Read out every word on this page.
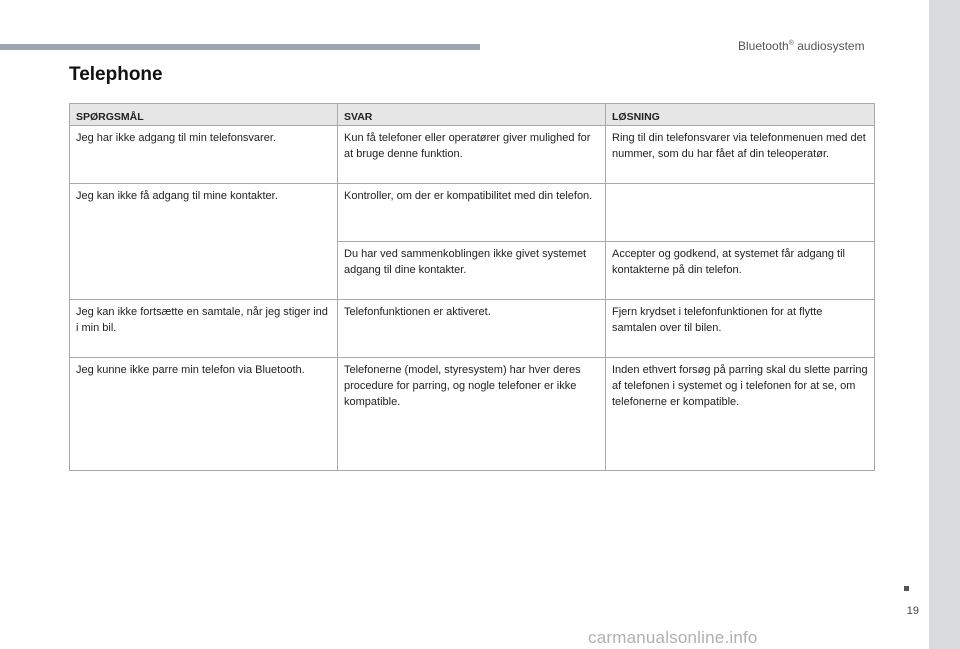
Bluetooth® audiosystem
Telephone
SPØRGSMÅL	SVAR	LØSNING
Jeg har ikke adgang til min telefonsvarer.	Kun få telefoner eller operatører giver mulighed for at bruge denne funktion.	Ring til din telefonsvarer via telefonmenuen med det nummer, som du har fået af din teleoperatør.
Jeg kan ikke få adgang til mine kontakter.	Kontroller, om der er kompatibilitet med din telefon.	
	Du har ved sammenkoblingen ikke givet systemet adgang til dine kontakter.	Accepter og godkend, at systemet får adgang til kontakterne på din telefon.
Jeg kan ikke fortsætte en samtale, når jeg stiger ind i min bil.	Telefonfunktionen er aktiveret.	Fjern krydset i telefonfunktionen for at flytte samtalen over til bilen.
Jeg kunne ikke parre min telefon via Bluetooth.	Telefonerne (model, styresystem) har hver deres procedure for parring, og nogle telefoner er ikke kompatible.	Inden ethvert forsøg på parring skal du slette parring af telefonen i systemet og i telefonen for at se, om telefonerne er kompatible.
19
carmanualsonline.info
